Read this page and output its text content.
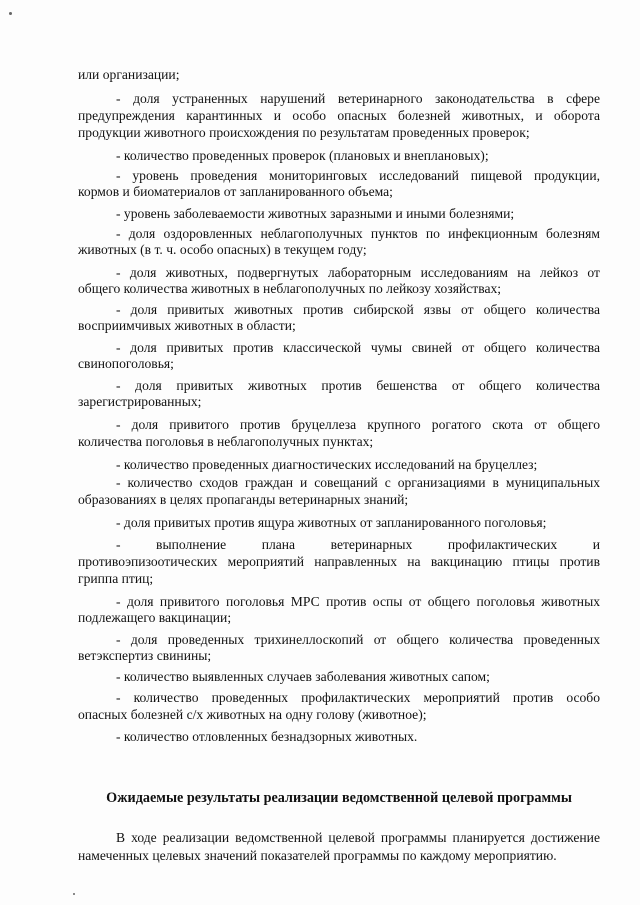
или организации;
- доля устраненных нарушений ветеринарного законодательства в сфере предупреждения карантинных и особо опасных болезней животных, и оборота
продукции животного происхождения по результатам проведенных проверок;
- количество проведенных проверок (плановых и внеплановых);
- уровень проведения мониторинговых исследований пищевой продукции,
кормов и биоматериалов от запланированного объема;
- уровень заболеваемости животных заразными и иными болезнями;
- доля оздоровленных неблагополучных пунктов по инфекционным болезням
животных (в т. ч. особо опасных) в текущем году;
- доля животных, подвергнутых лабораторным исследованиям на лейкоз от
общего количества животных в неблагополучных по лейкозу хозяйствах;
- доля привитых животных против сибирской язвы от общего количества
восприимчивых животных в области;
- доля привитых против классической чумы свиней от общего количества
свинопоголовья;
- доля привитых животных против бешенства от общего количества
зарегистрированных;
- доля привитого против бруцеллеза крупного рогатого скота от общего
количества поголовья в неблагополучных пунктах;
- количество проведенных диагностических исследований на бруцеллез;
- количество сходов граждан и совещаний с организациями в муниципальных
образованиях в целях пропаганды ветеринарных знаний;
- доля привитых против ящура животных от запланированного поголовья;
- выполнение плана ветеринарных профилактических и
противоэпизоотических мероприятий направленных на вакцинацию птицы против
гриппа птиц;
- доля привитого поголовья МРС против оспы от общего поголовья животных
подлежащего вакцинации;
- доля проведенных трихинеллоскопий от общего количества проведенных
ветэкспертиз свинины;
- количество выявленных случаев заболевания животных сапом;
- количество проведенных профилактических мероприятий против особо
опасных болезней с/х животных на одну голову (животное);
- количество отловленных безнадзорных животных.
Ожидаемые результаты реализации ведомственной целевой программы
В ходе реализации ведомственной целевой программы планируется достижение
намеченных целевых значений показателей программы по каждому мероприятию.
